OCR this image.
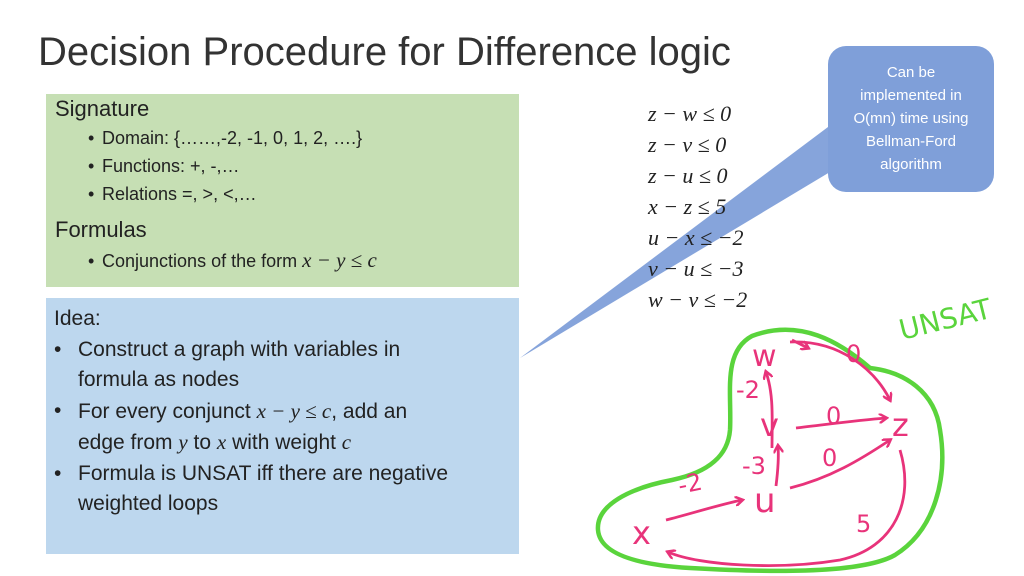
Decision Procedure for Difference logic
Signature
• Domain: {……,-2, -1, 0, 1, 2, ….}
• Functions: +, -,…
• Relations =, >, <,…
Formulas
• Conjunctions of the form x − y ≤ c
Idea:
• Construct a graph with variables in
formula as nodes
• For every conjunct x − y ≤ c, add an
edge from y to x with weight c
• Formula is UNSAT iff there are negative
weighted loops
z − w ≤ 0
z − v ≤ 0
z − u ≤ 0
x − z ≤ 5
u − x ≤ −2
v − u ≤ −3
w − v ≤ −2
Can be
implemented in
O(mn) time using
Bellman-Ford
algorithm
UNSAT
w
v
u
x
z
0
-2
0
0
-3
-2
5
